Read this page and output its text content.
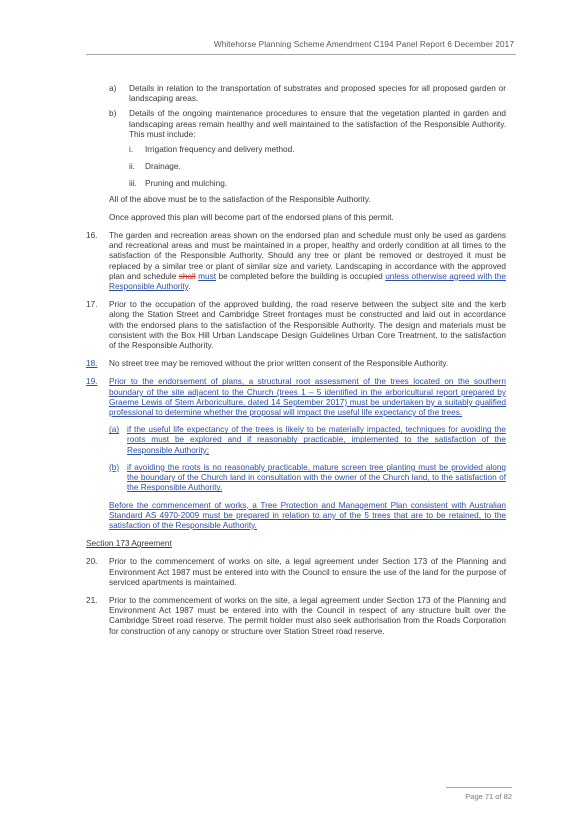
Whitehorse Planning Scheme Amendment C194 Panel Report 6 December 2017
a)	Details in relation to the transportation of substrates and proposed species for all proposed garden or landscaping areas.
b)	Details of the ongoing maintenance procedures to ensure that the vegetation planted in garden and landscaping areas remain healthy and well maintained to the satisfaction of the Responsible Authority. This must include:
i.	Irrigation frequency and delivery method.
ii.	Drainage.
iii. Pruning and mulching.

All of the above must be to the satisfaction of the Responsible Authority.

Once approved this plan will become part of the endorsed plans of this permit.

16.	The garden and recreation areas shown on the endorsed plan and schedule must only be used as gardens and recreational areas and must be maintained in a proper, healthy and orderly condition at all times to the satisfaction of the Responsible Authority. Should any tree or plant be removed or destroyed it must be replaced by a similar tree or plant of similar size and variety. Landscaping in accordance with the approved plan and schedule shall must be completed before the building is occupied unless otherwise agreed with the Responsible Authority.
17.	Prior to the occupation of the approved building, the road reserve between the subject site and the kerb along the Station Street and Cambridge Street frontages must be constructed and laid out in accordance with the endorsed plans to the satisfaction of the Responsible Authority. The design and materials must be consistent with the Box Hill Urban Landscape Design Guidelines Urban Core Treatment, to the satisfaction of the Responsible Authority.
18.	No street tree may be removed without the prior written consent of the Responsible Authority.
19.	Prior to the endorsement of plans, a structural root assessment of the trees located on the southern boundary of the site adjacent to the Church (trees 1 – 5 identified in the arboricultural report prepared by Graeme Lewis of Stem Arboriculture, dated 14 September 2017) must be undertaken by a suitably qualified professional to determine whether the proposal will impact the useful life expectancy of the trees.
(a) if the useful life expectancy of the trees is likely to be materially impacted, techniques for avoiding the roots must be explored and if reasonably practicable, implemented to the satisfaction of the Responsible Authority;
(b) if avoiding the roots is no reasonably practicable, mature screen tree planting must be provided along the boundary of the Church land in consultation with the owner of the Church land, to the satisfaction of the Responsible Authority.

Before the commencement of works, a Tree Protection and Management Plan consistent with Australian Standard AS 4970-2009 must be prepared in relation to any of the 5 trees that are to be retained, to the satisfaction of the Responsible Authority.

Section 173 Agreement

20.	Prior to the commencement of works on site, a legal agreement under Section 173 of the Planning and Environment Act 1987 must be entered into with the Council to ensure the use of the land for the purpose of serviced apartments is maintained.
21.	Prior to the commencement of works on the site, a legal agreement under Section 173 of the Planning and Environment Act 1987 must be entered into with the Council in respect of any structure built over the Cambridge Street road reserve. The permit holder must also seek authorisation from the Roads Corporation for construction of any canopy or structure over Station Street road reserve.
Page 71 of 82
